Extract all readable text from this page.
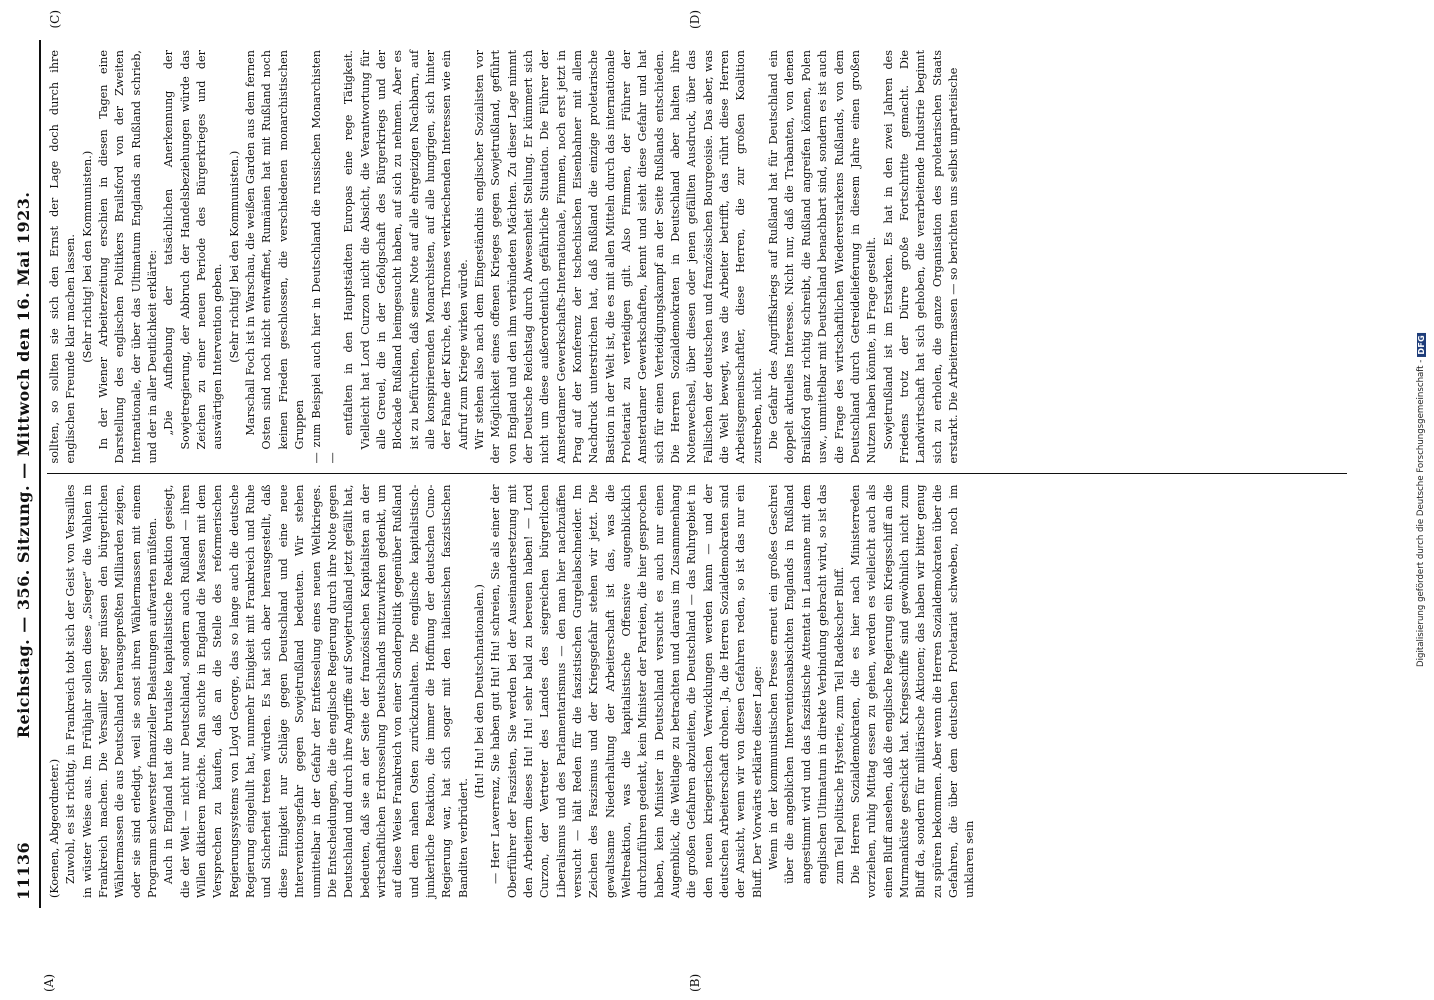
11136
Reichstag. — 356. Sitzung. — Mittwoch den 16. Mai 1923.
(A)	(B)

(Koenen, Abgeordneter.) Zuwohl, es ist richtig, in Frankreich tobt sich der Geist von Versailles in wüster Weise aus. Im Frühjahr sollen diese „Sieger“ die Wahlen in Frankreich machen. Die Versailler Sieger müssen den bürgerlichen Wählermassen die aus Deutschland herausgepreßten Milliarden zeigen, oder sie sind erledigt, weil sie sonst ihren Wählermassen mit einem Programm schwerster finanzieller Belastungen aufwarten müßten. Auch in England hat die brutalste kapitalistische Reaktion gesiegt, die der Welt — nicht nur Deutschland, sondern auch Rußland — ihren Willen diktieren möchte. Man suchte in England die Massen mit dem Versprechen zu kaufen, daß an die Stelle des reformerischen Regierungssystems von Lloyd George, das so lange auch die deutsche Regierung eingelullt hat, nunmehr Einigkeit mit Frankreich und Ruhe und Sicherheit treten würden. Es hat sich aber herausgestellt, daß diese Einigkeit nur Schläge gegen Deutschland und eine neue Interventionsgefahr gegen Sowjetrußland bedeuten. Wir stehen unmittelbar in der Gefahr der Entfesselung eines neuen Weltkrieges. Die Entscheidungen, die die englische Regierung durch ihre Note gegen Deutschland und durch ihre Angriffe auf Sowjetrußland jetzt gefällt hat, bedeuten, daß sie an der Seite der französischen Kapitalisten an der wirtschaftlichen Erdrosselung Deutschlands mitzuwirken gedenkt, um auf diese Weise Frankreich von einer Sonderpolitik gegenüber Rußland und dem nahen Osten zurückzuhalten. Die englische kapitalistisch-junkerliche Reaktion, die immer die Hoffnung der deutschen Cuno-Regierung war, hat sich sogar mit den italienischen faszistischen Banditen verbrüdert.

(Hu! Hu! bei den Deutschnationalen.) — Herr Laverrenz, Sie haben gut Hu! Hu! schreien, Sie als einer der Oberführer der Faszisten, Sie werden bei der Auseinandersetzung mit den Arbeitern dieses Hu! Hu! sehr bald zu bereuen haben! — Lord Curzon, der Vertreter des Landes des siegreichen bürgerlichen Liberalismus und des Parlamentarismus — den man hier nachzuäffen versucht — hält Reden für die faszistischen Gurgelabschneider. Im Zeichen des Faszismus und der Kriegsgefahr stehen wir jetzt. Die gewaltsame Niederhaltung der Arbeiterschaft ist das, was die Weltreaktion, was die kapitalistische Offensive augenblicklich durchzuführen gedenkt, kein Minister der Parteien, die hier gesprochen haben, kein Minister in Deutschland versucht es auch nur einen Augenblick, die Weltlage zu betrachten und daraus im Zusammenhang die großen Gefahren abzuleiten, die Deutschland — das Ruhrgebiet in den neuen kriegerischen Verwicklungen werden kann — und der deutschen Arbeiterschaft drohen. Ja, die Herren Sozialdemokraten sind der Ansicht, wenn wir von diesen Gefahren reden, so ist das nur ein Bluff. Der Vorwärts erklärte dieser Lage: Wenn in der kommunistischen Presse erneut ein großes Geschrei über die angeblichen Interventionsabsichten Englands in Rußland angestimmt wird und das faszistische Attentat in Lausanne mit dem englischen Ultimatum in direkte Verbindung gebracht wird, so ist das zum Teil politische Hysterie, zum Teil Radekscher Bluff. Die Herren Sozialdemokraten, die es hier nach Ministerreden vorziehen, ruhig Mittag essen zu gehen, werden es vielleicht auch als einen Bluff ansehen, daß die englische Regierung ein Kriegsschiff an die Murmanküste geschickt hat. Kriegsschiffe sind gewöhnlich nicht zum Bluff da, sondern für militärische Aktionen; das haben wir bitter genug zu spüren bekommen. Aber wenn die Herren Sozialdemokraten über die Gefahren, die über dem deutschen Proletariat schweben, noch im unklaren sein

(C)	(D)

sollten, so sollten sie sich den Ernst der Lage doch durch ihre englischen Freunde klar machen lassen. (Sehr richtig! bei den Kommunisten.) In der Wiener Arbeiterzeitung erschien in diesen Tagen eine Darstellung des englischen Politikers Brailsford von der Zweiten Internationale, der über das Ultimatum Englands an Rußland schrieb, und der in aller Deutlichkeit erklärte: „Die Aufhebung der tatsächlichen Anerkennung der Sowjetregierung, der Abbruch der Handelsbeziehungen würde das Zeichen zu einer neuen Periode des Bürgerkrieges und der auswärtigen Intervention geben. (Sehr richtig! bei den Kommunisten.) Marschall Foch ist in Warschau, die weißen Garden aus dem fernen Osten sind noch nicht entwaffnet, Rumänien hat mit Rußland noch keinen Frieden geschlossen, die verschiedenen monarchistischen Gruppen — zum Beispiel auch hier in Deutschland die russischen Monarchisten —

entfalten in den Hauptstädten Europas eine rege Tätigkeit. Vielleicht hat Lord Curzon nicht die Absicht, die Verantwortung für alle Greuel, die in der Gefolgschaft des Bürgerkriegs und der Blockade Rußland heimgesucht haben, auf sich zu nehmen. Aber es ist zu befürchten, daß seine Note auf alle ehrgeizigen Nachbarn, auf alle konspirierenden Monarchisten, auf alle hungrigen, sich hinter der Fahne der Kirche, des Thrones verkriechenden Interessen wie ein Aufruf zum Kriege wirken würde. Wir stehen also nach dem Eingeständnis englischer Sozialisten vor der Möglichkeit eines offenen Krieges gegen Sowjetrußland, geführt von England und den ihm verbündeten Mächten. Zu dieser Lage nimmt der Deutsche Reichstag durch Abwesenheit Stellung. Er kümmert sich nicht um diese außerordentlich gefährliche Situation. Die Führer der Amsterdamer Gewerkschafts-Internationale, Fimmen, noch erst jetzt in Prag auf der Konferenz der tschechischen Eisenbahner mit allem Nachdruck unterstrichen hat, daß Rußland die einzige proletarische Bastion in der Welt ist, die es mit allen Mitteln durch das internationale Proletariat zu verteidigen gilt. Also Fimmen, der Führer der Amsterdamer Gewerkschaften, kennt und sieht diese Gefahr und hat sich für einen Verteidigungskampf an der Seite Rußlands entschieden. Die Herren Sozialdemokraten in Deutschland aber halten ihre Notenwechsel, über diesen oder jenen gefällten Ausdruck, über das Fallischen der deutschen und französischen Bourgeoisie. Das aber, was die Welt bewegt, was die Arbeiter betrifft, das rührt diese Herren Arbeitsgemeinschaftler, diese Herren, die zur großen Koalition zustreben, nicht. Die Gefahr des Angriffskriegs auf Rußland hat für Deutschland ein doppelt aktuelles Interesse. Nicht nur, daß die Trabanten, von denen Brailsford ganz richtig schreibt, die Rußland angreifen können, Polen usw., unmittelbar mit Deutschland benachbart sind, sondern es ist auch die Frage des wirtschaftlichen Wiedererstarkens Rußlands, von dem Deutschland durch Getreidelieferung in diesem Jahre einen großen Nutzen haben könnte, in Frage gestellt. Sowjetrußland ist im Erstarken. Es hat in den zwei Jahren des Friedens trotz der Dürre große Fortschritte gemacht. Die Landwirtschaft hat sich gehoben, die verarbeitende Industrie beginnt sich zu erholen, die ganze Organisation des proletarischen Staats erstarkt. Die Arbeitermassen — so berichten uns selbst unparteiische

Digitalisierung gefördert durch die Deutsche Forschungsgemeinschaft -
DFG
